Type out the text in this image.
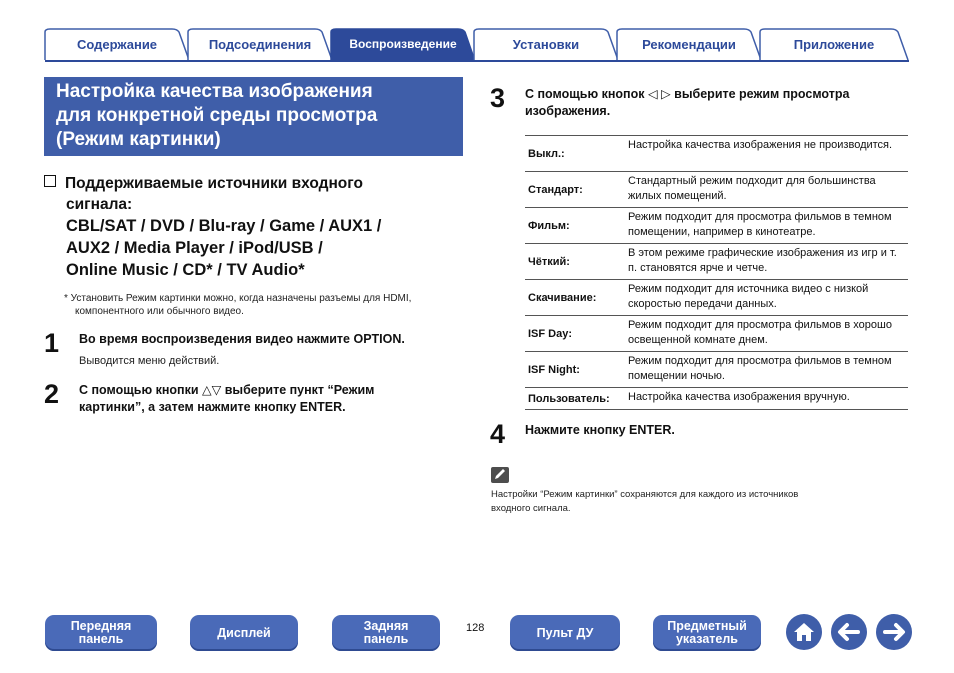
Содержание	Подсоединения	Воспроизведение	Установки	Рекомендации	Приложение
Настройка качества изображения
для конкретной среды просмотра
(Режим картинки)
Поддерживаемые источники входного
сигнала:
CBL/SAT / DVD / Blu-ray / Game / AUX1 /
AUX2 / Media Player / iPod/USB /
Online Music / CD* / TV Audio*
* Установить Режим картинки можно, когда назначены разъемы для HDMI,
компонентного или обычного видео.
1 Во время воспроизведения видео нажмите OPTION.
Выводится меню действий.
2 С помощью кнопки △▽ выберите пункт “Режим
картинки”, а затем нажмите кнопку ENTER.
3 С помощью кнопок ◁ ▷ выберите режим просмотра
изображения.
Выкл.:
Настройка качества изображения не производится.
Стандарт:
Стандартный режим подходит для большинства жилых помещений.
Фильм:
Режим подходит для просмотра фильмов в темном помещении, например в кинотеатре.
Чёткий:
В этом режиме графические изображения из игр и т. п. становятся ярче и четче.
Скачивание:
Режим подходит для источника видео с низкой скоростью передачи данных.
ISF Day:
Режим подходит для просмотра фильмов в хорошо освещенной комнате днем.
ISF Night:
Режим подходит для просмотра фильмов в темном помещении ночью.
Пользователь:	Настройка качества изображения вручную.
4 Нажмите кнопку ENTER.
Настройки “Режим картинки” сохраняются для каждого из источников
входного сигнала.
Передняя
панель	Дисплей	Задняя
панель
128	Пульт ДУ	Предметный
указатель
